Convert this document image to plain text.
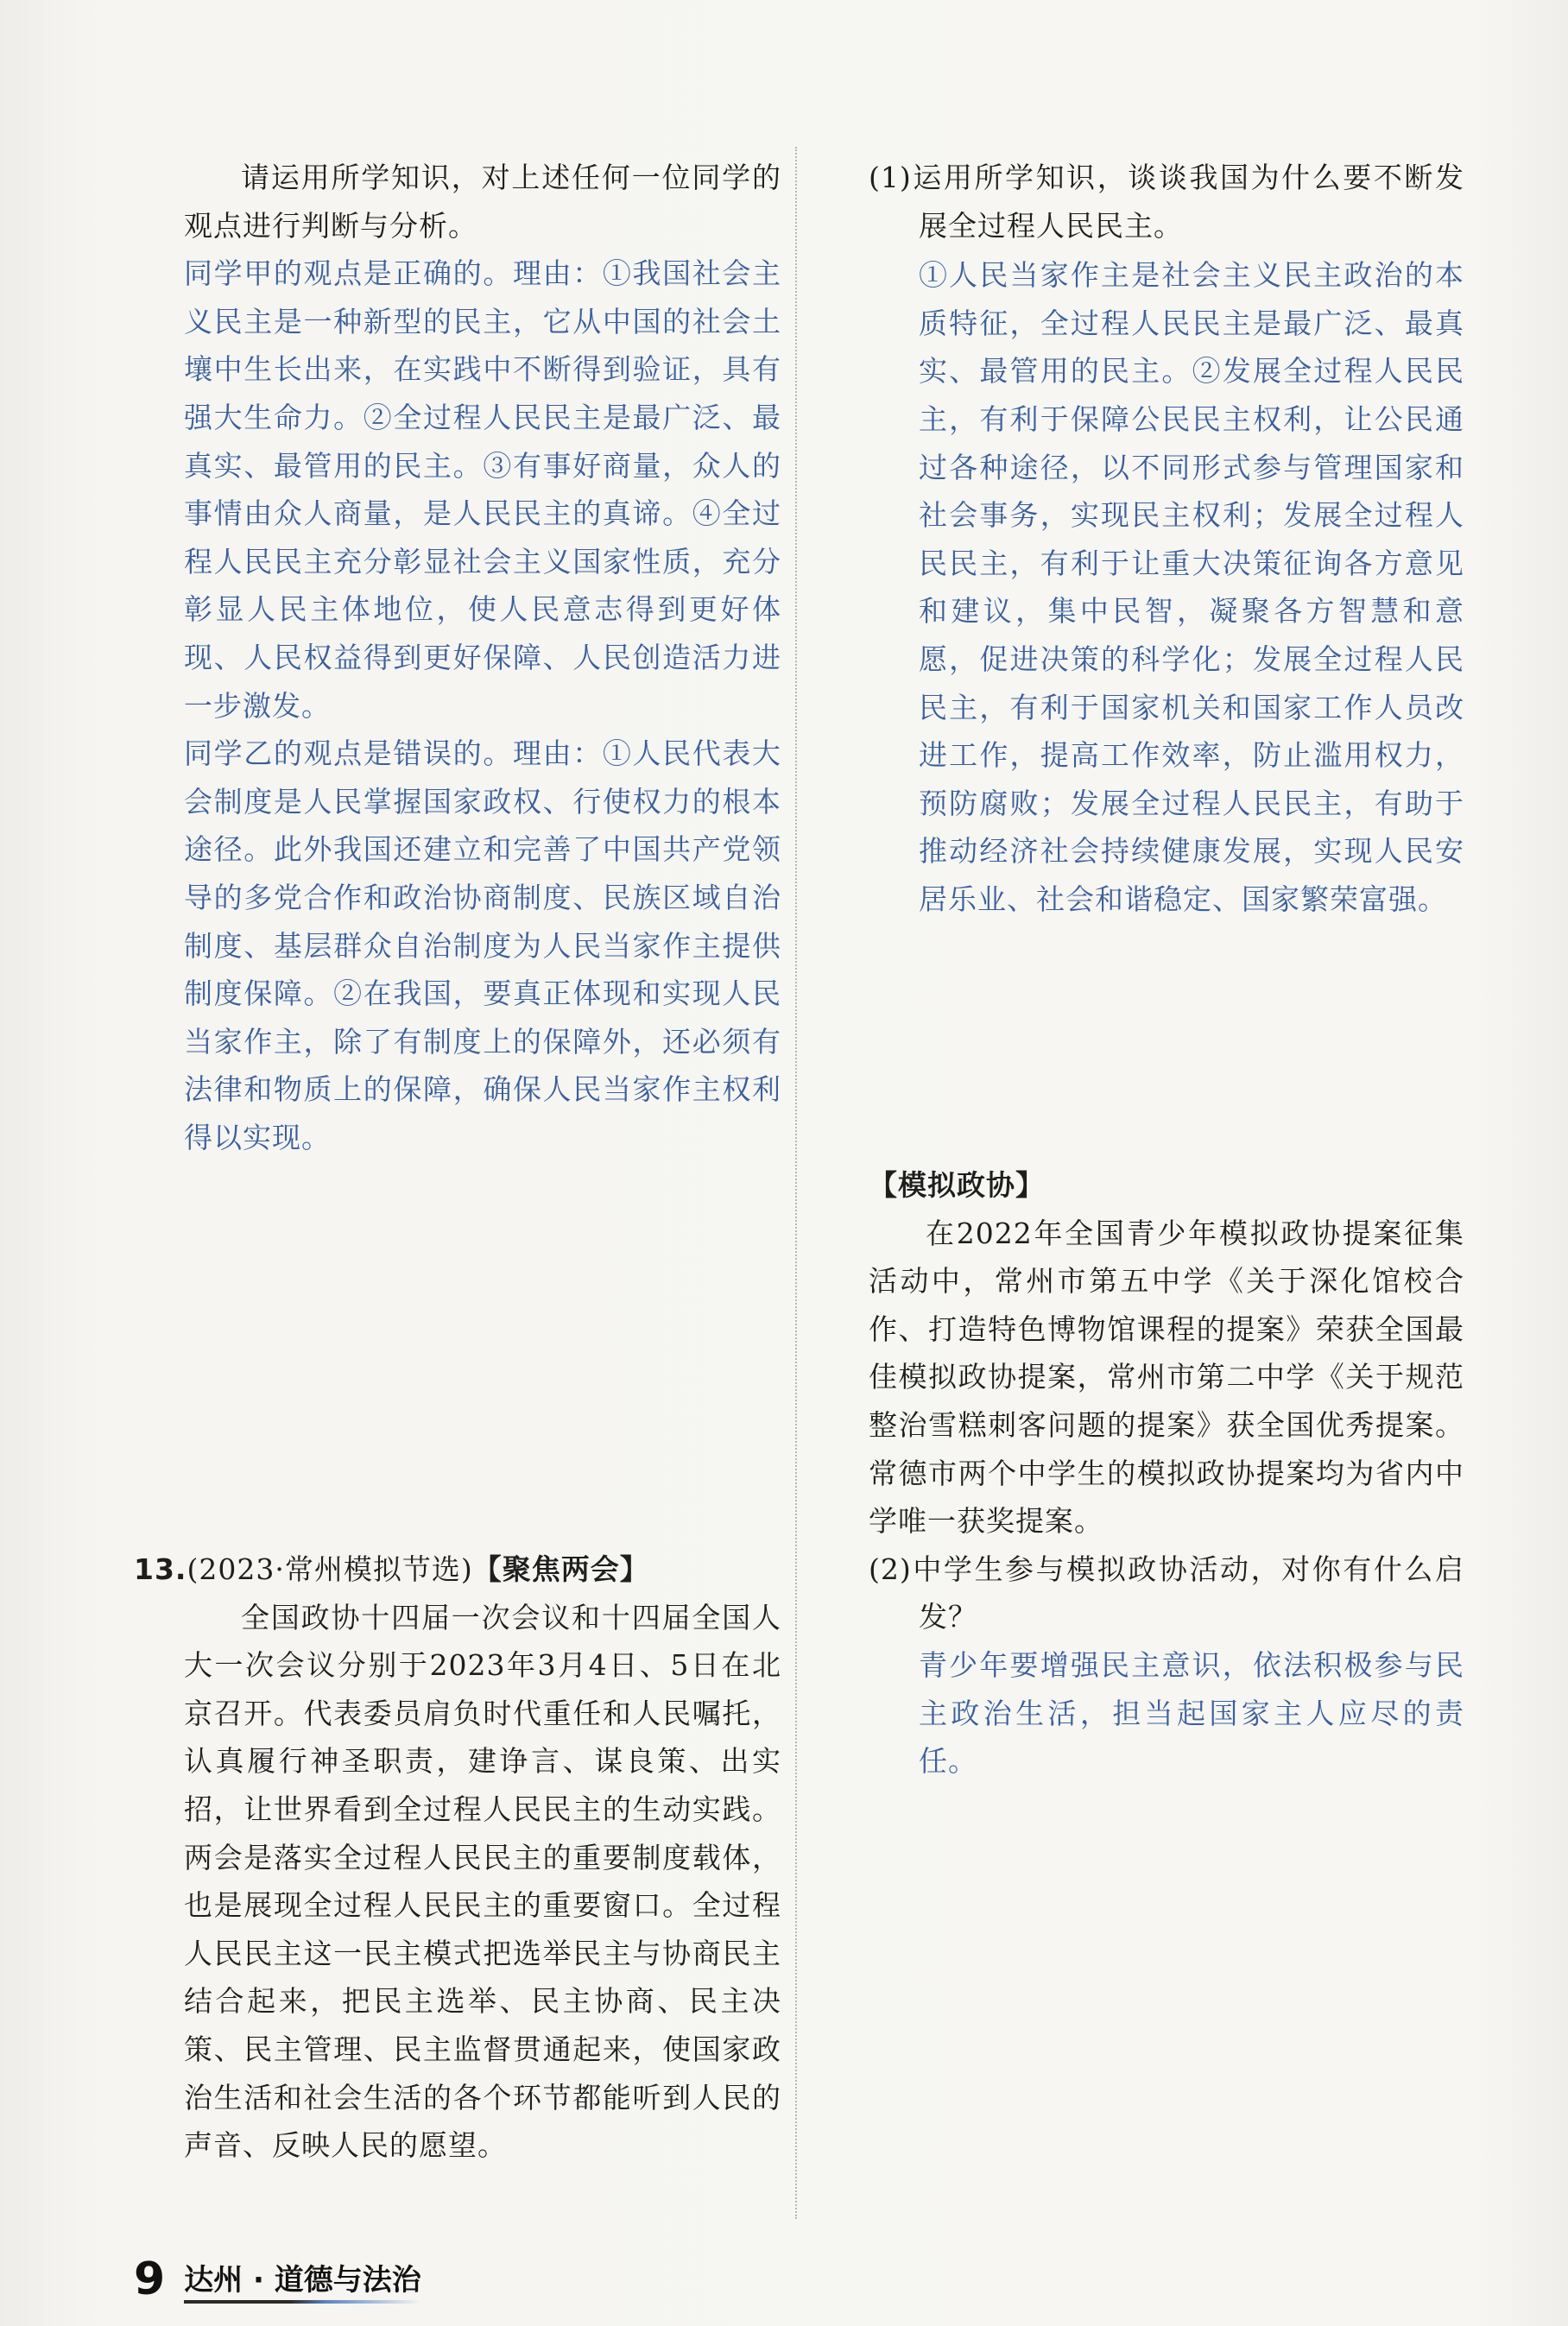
请运用所学知识，对上述任何一位同学的观点进行判断与分析。

同学甲的观点是正确的。理由：①我国社会主义民主是一种新型的民主，它从中国的社会土壤中生长出来，在实践中不断得到验证，具有强大生命力。②全过程人民民主是最广泛、最真实、最管用的民主。③有事好商量，众人的事情由众人商量，是人民民主的真谛。④全过程人民民主充分彰显社会主义国家性质，充分彰显人民主体地位，使人民意志得到更好体现、人民权益得到更好保障、人民创造活力进一步激发。

同学乙的观点是错误的。理由：①人民代表大会制度是人民掌握国家政权、行使权力的根本途径。此外我国还建立和完善了中国共产党领导的多党合作和政治协商制度、民族区域自治制度、基层群众自治制度为人民当家作主提供制度保障。②在我国，要真正体现和实现人民当家作主，除了有制度上的保障外，还必须有法律和物质上的保障，确保人民当家作主权利得以实现。

13.(2023·常州模拟节选)【聚焦两会】

全国政协十四届一次会议和十四届全国人大一次会议分别于2023年3月4日、5日在北京召开。代表委员肩负时代重任和人民嘱托，认真履行神圣职责，建诤言、谋良策、出实招，让世界看到全过程人民民主的生动实践。两会是落实全过程人民民主的重要制度载体，也是展现全过程人民民主的重要窗口。全过程人民民主这一民主模式把选举民主与协商民主结合起来，把民主选举、民主协商、民主决策、民主管理、民主监督贯通起来，使国家政治生活和社会生活的各个环节都能听到人民的声音、反映人民的愿望。

(1)运用所学知识，谈谈我国为什么要不断发展全过程人民民主。

①人民当家作主是社会主义民主政治的本质特征，全过程人民民主是最广泛、最真实、最管用的民主。②发展全过程人民民主，有利于保障公民民主权利，让公民通过各种途径，以不同形式参与管理国家和社会事务，实现民主权利；发展全过程人民民主，有利于让重大决策征询各方意见和建议，集中民智，凝聚各方智慧和意愿，促进决策的科学化；发展全过程人民民主，有利于国家机关和国家工作人员改进工作，提高工作效率，防止滥用权力，预防腐败；发展全过程人民民主，有助于推动经济社会持续健康发展，实现人民安居乐业、社会和谐稳定、国家繁荣富强。

【模拟政协】

在2022年全国青少年模拟政协提案征集活动中，常州市第五中学《关于深化馆校合作、打造特色博物馆课程的提案》荣获全国最佳模拟政协提案，常州市第二中学《关于规范整治雪糕刺客问题的提案》获全国优秀提案。常德市两个中学生的模拟政协提案均为省内中学唯一获奖提案。

(2)中学生参与模拟政协活动，对你有什么启发？

青少年要增强民主意识，依法积极参与民主政治生活，担当起国家主人应尽的责任。

9 达州 · 道德与法治
